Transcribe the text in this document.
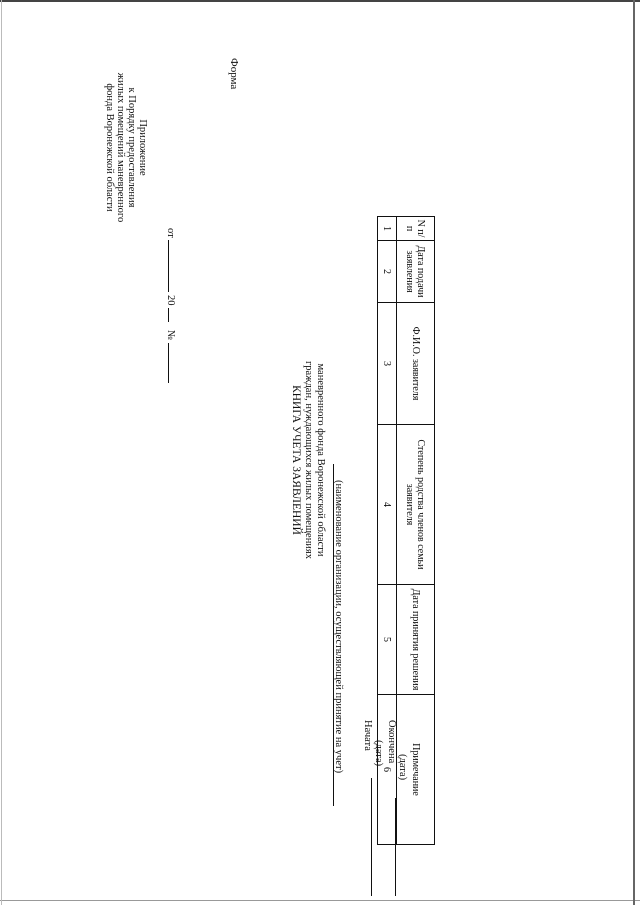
Приложение
к Порядку предоставления
жилых помещений маневренного
фонда Воронежской области
от  20    №
Форма
КНИГА УЧЕТА ЗАЯВЛЕНИЙ граждан, нуждающихся жилых помещениях маневренного фонда Воронежской области
(наименование организации, осуществляющей принятие на учет) Начата
(дата) Окончена
(дата)
N п/п	Дата подачи заявления	Ф.И.О. заявителя	Степень родства членов семьи заявителя	Дата принятия решения	Примечание
1	2	3	4	5	6
